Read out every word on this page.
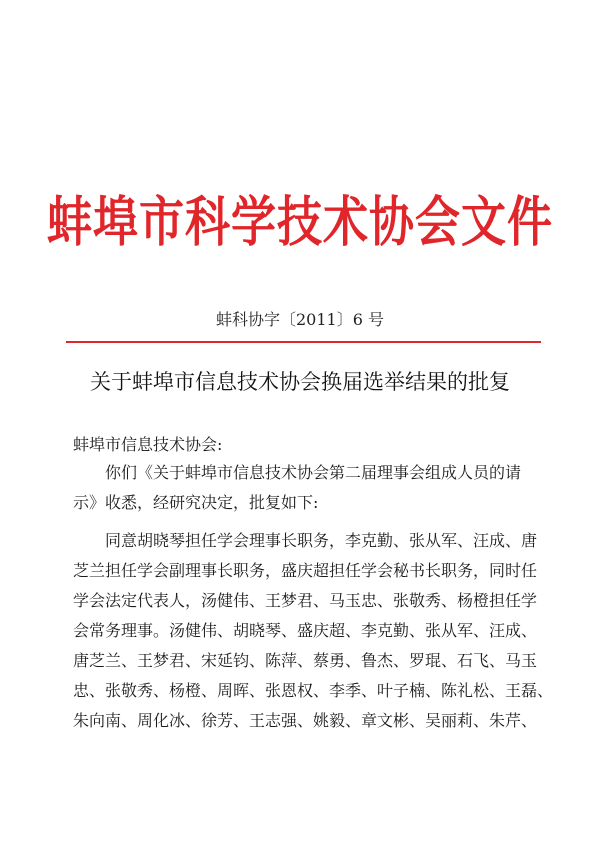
蚌埠市科学技术协会文件
蚌科协字〔2011〕6 号
关于蚌埠市信息技术协会换届选举结果的批复
蚌埠市信息技术协会:
你们《关于蚌埠市信息技术协会第二届理事会组成人员的请
示》收悉，经研究决定，批复如下:
同意胡晓琴担任学会理事长职务，李克勤、张从军、汪成、唐
芝兰担任学会副理事长职务，盛庆超担任学会秘书长职务，同时任
学会法定代表人，汤健伟、王梦君、马玉忠、张敬秀、杨橙担任学
会常务理事。汤健伟、胡晓琴、盛庆超、李克勤、张从军、汪成、
唐芝兰、王梦君、宋延钧、陈萍、蔡勇、鲁杰、罗琨、石飞、马玉
忠、张敬秀、杨橙、周晖、张恩权、李季、叶子楠、陈礼松、王磊、
朱向南、周化冰、徐芳、王志强、姚毅、章文彬、吴丽莉、朱芹、
